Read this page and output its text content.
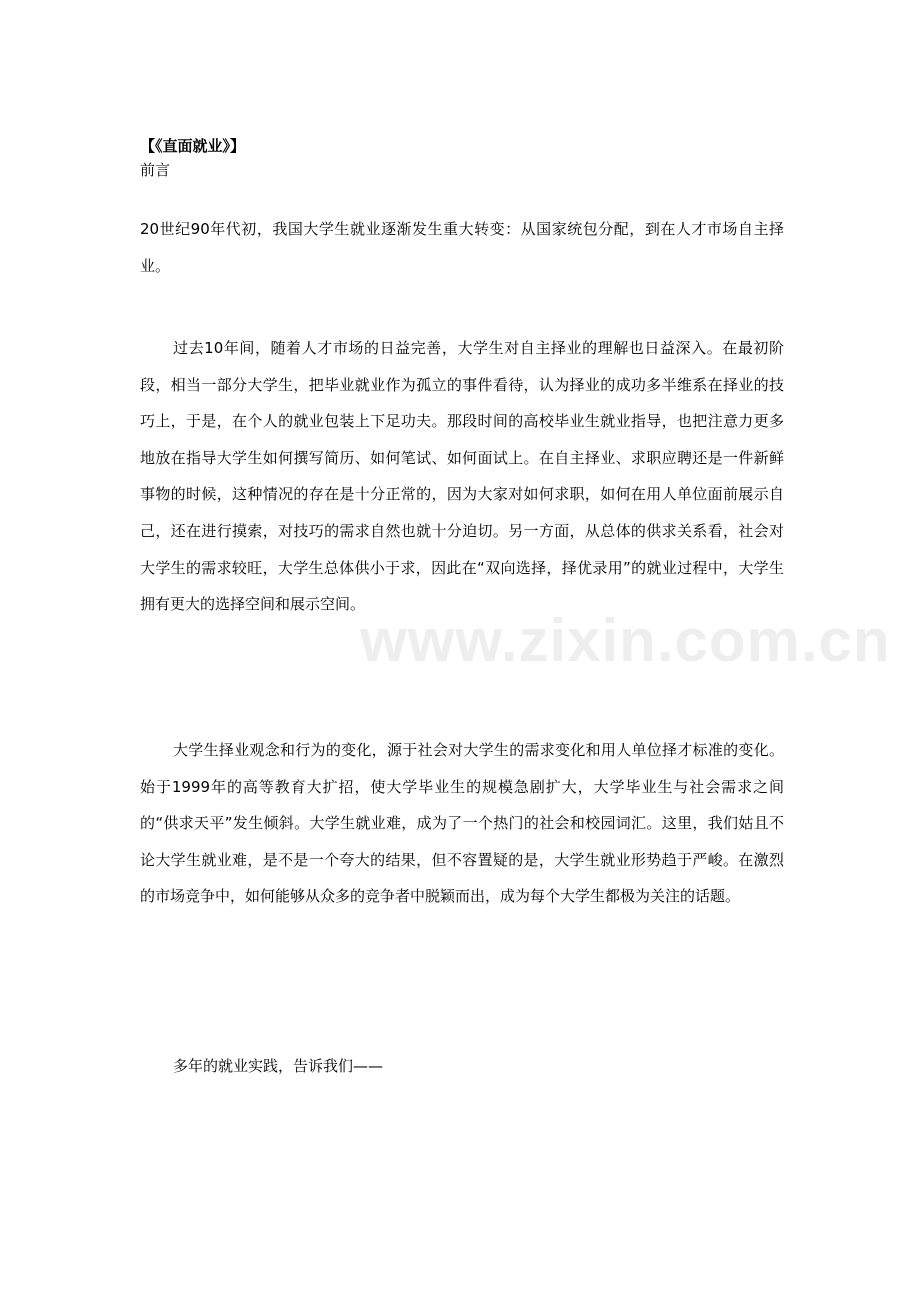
【《直面就业》】
前言

20世纪90年代初，我国大学生就业逐渐发生重大转变：从国家统包分配，到在人才市场自主择业。

过去10年间，随着人才市场的日益完善，大学生对自主择业的理解也日益深入。在最初阶段，相当一部分大学生，把毕业就业作为孤立的事件看待，认为择业的成功多半维系在择业的技巧上，于是，在个人的就业包装上下足功夫。那段时间的高校毕业生就业指导，也把注意力更多地放在指导大学生如何撰写简历、如何笔试、如何面试上。在自主择业、求职应聘还是一件新鲜事物的时候，这种情况的存在是十分正常的，因为大家对如何求职，如何在用人单位面前展示自己，还在进行摸索，对技巧的需求自然也就十分迫切。另一方面，从总体的供求关系看，社会对大学生的需求较旺，大学生总体供小于求，因此在“双向选择，择优录用”的就业过程中，大学生拥有更大的选择空间和展示空间。

大学生择业观念和行为的变化，源于社会对大学生的需求变化和用人单位择才标准的变化。始于1999年的高等教育大扩招，使大学毕业生的规模急剧扩大，大学毕业生与社会需求之间的“供求天平”发生倾斜。大学生就业难，成为了一个热门的社会和校园词汇。这里，我们姑且不论大学生就业难，是不是一个夸大的结果，但不容置疑的是，大学生就业形势趋于严峻。在激烈的市场竞争中，如何能够从众多的竞争者中脱颖而出，成为每个大学生都极为关注的话题。

多年的就业实践，告诉我们——

www.zixin.com.cn
